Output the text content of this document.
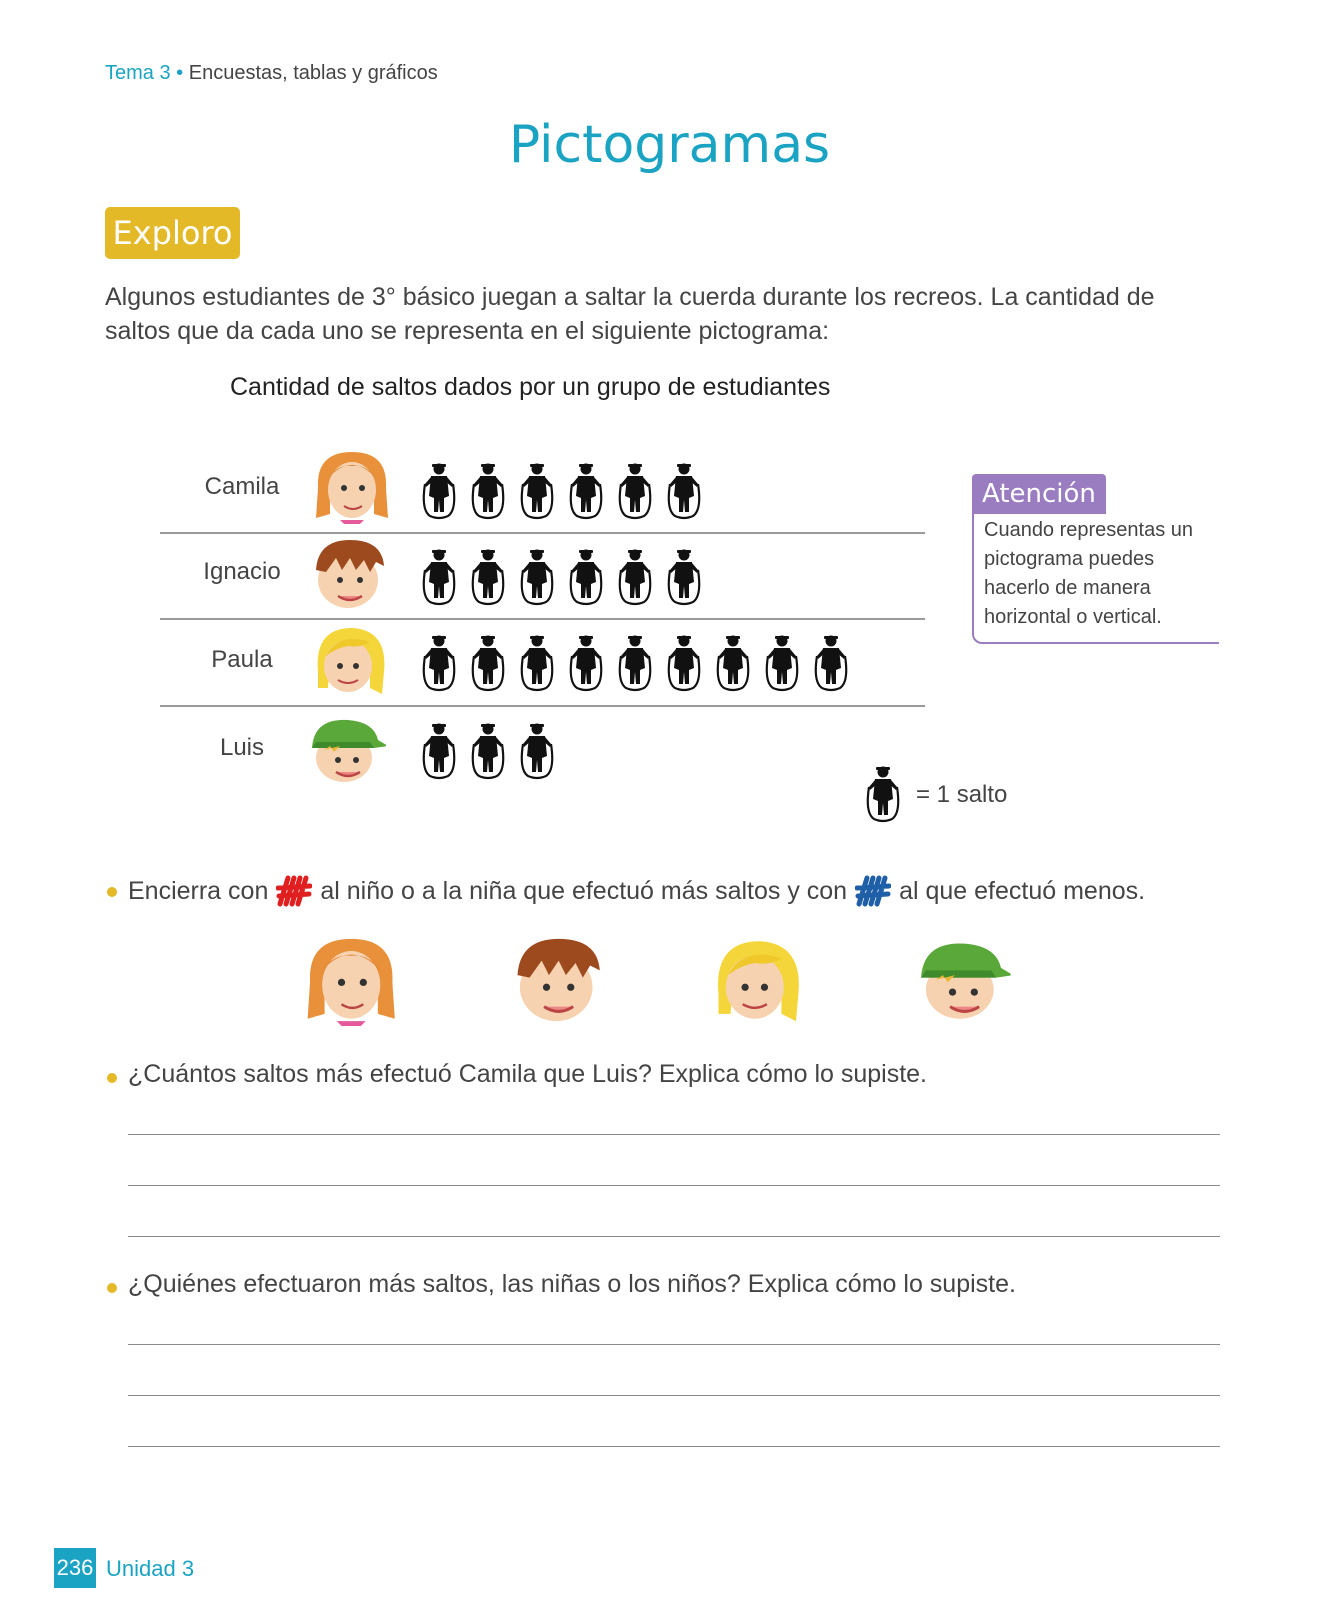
Tema 3 • Encuestas, tablas y gráficos
Pictogramas
Exploro
Algunos estudiantes de 3° básico juegan a saltar la cuerda durante los recreos. La cantidad de saltos que da cada uno se representa en el siguiente pictograma:
Cantidad de saltos dados por un grupo de estudiantes
Camila
Ignacio
Paula
Luis
= 1 salto
Atención
Cuando representas un pictograma puedes hacerlo de manera horizontal o vertical.
Encierra con al niño o a la niña que efectuó más saltos y con al que efectuó menos.
¿Cuántos saltos más efectuó Camila que Luis? Explica cómo lo supiste.
¿Quiénes efectuaron más saltos, las niñas o los niños? Explica cómo lo supiste.
236 Unidad 3
